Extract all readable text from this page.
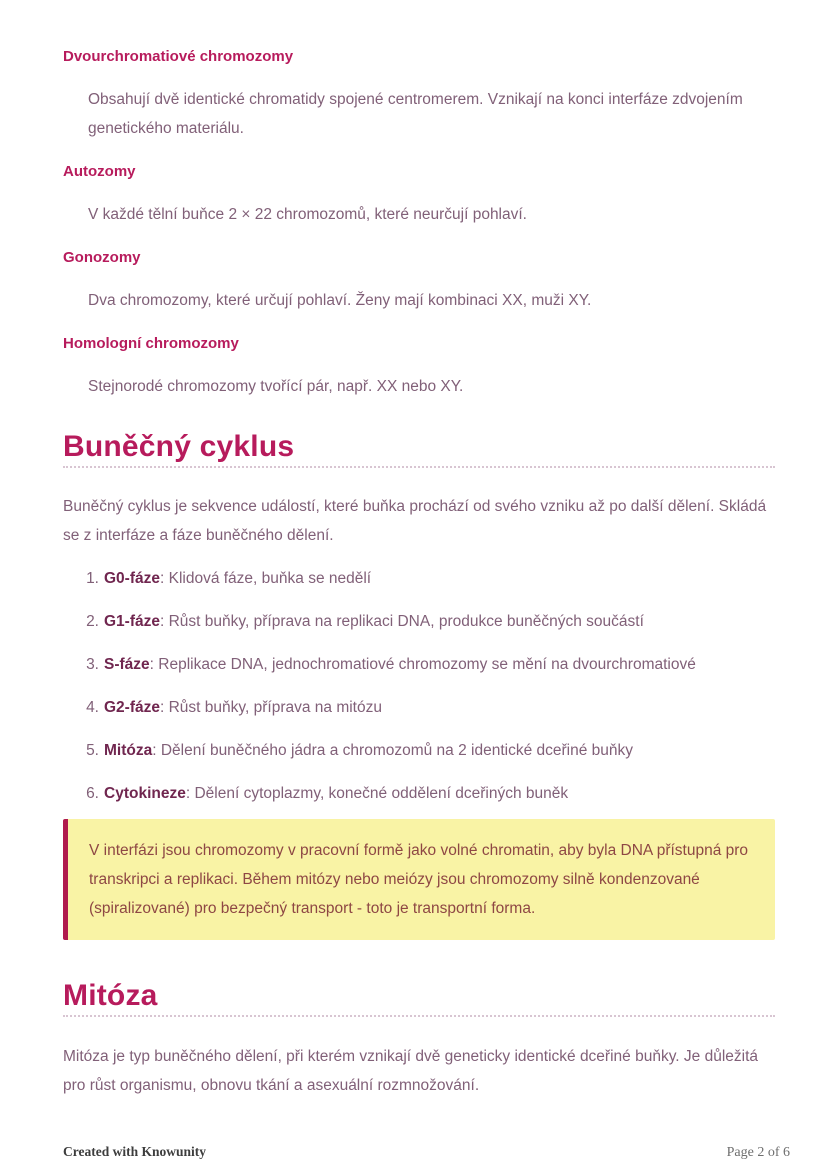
Dvourchromatiové chromozomy

Obsahují dvě identické chromatidy spojené centromerem. Vznikají na konci interfáze zdvojením genetického materiálu.

Autozomy

V každé tělní buňce 2 × 22 chromozomů, které neurčují pohlaví.

Gonozomy

Dva chromozomy, které určují pohlaví. Ženy mají kombinaci XX, muži XY.

Homologní chromozomy

Stejnorodé chromozomy tvořící pár, např. XX nebo XY.

Buněčný cyklus

Buněčný cyklus je sekvence událostí, které buňka prochází od svého vzniku až po další dělení. Skládá se z interfáze a fáze buněčného dělení.

1. G0-fáze: Klidová fáze, buňka se nedělí
2. G1-fáze: Růst buňky, příprava na replikaci DNA, produkce buněčných součástí
3. S-fáze: Replikace DNA, jednochromatiové chromozomy se mění na dvourchromatiové
4. G2-fáze: Růst buňky, příprava na mitózu
5. Mitóza: Dělení buněčného jádra a chromozomů na 2 identické dceřiné buňky
6. Cytokineze: Dělení cytoplazmy, konečné oddělení dceřiných buněk
V interfázi jsou chromozomy v pracovní formě jako volné chromatin, aby byla DNA přístupná pro transkripci a replikaci. Během mitózy nebo meiózy jsou chromozomy silně kondenzované (spiralizované) pro bezpečný transport - toto je transportní forma.
Mitóza

Mitóza je typ buněčného dělení, při kterém vznikají dvě geneticky identické dceřiné buňky. Je důležitá pro růst organismu, obnovu tkání a asexuální rozmnožování.

Created with Knowunity	Page 2 of 6
